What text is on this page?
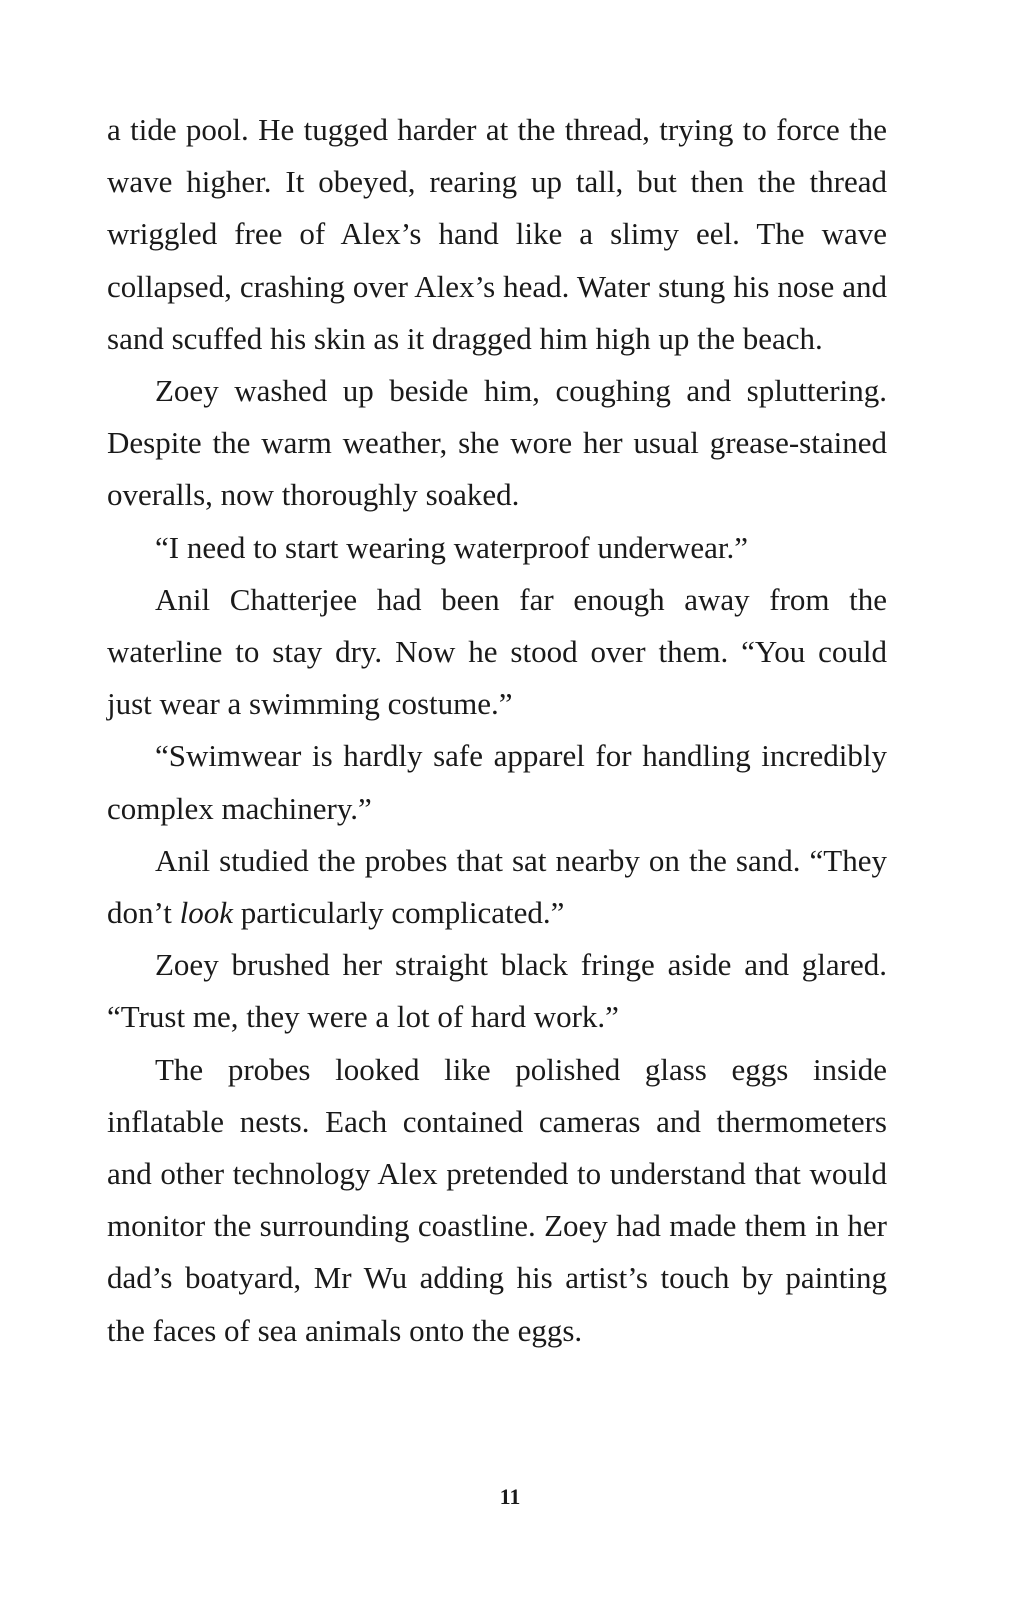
a tide pool. He tugged harder at the thread, trying to force the wave higher. It obeyed, rearing up tall, but then the thread wriggled free of Alex’s hand like a slimy eel. The wave collapsed, crashing over Alex’s head. Water stung his nose and sand scuffed his skin as it dragged him high up the beach.

Zoey washed up beside him, coughing and spluttering. Despite the warm weather, she wore her usual grease-stained overalls, now thoroughly soaked.

“I need to start wearing waterproof underwear.”

Anil Chatterjee had been far enough away from the waterline to stay dry. Now he stood over them. “You could just wear a swimming costume.”

“Swimwear is hardly safe apparel for handling incredibly complex machinery.”

Anil studied the probes that sat nearby on the sand. “They don’t look particularly complicated.”

Zoey brushed her straight black fringe aside and glared. “Trust me, they were a lot of hard work.”

The probes looked like polished glass eggs inside inflatable nests. Each contained cameras and thermometers and other technology Alex pretended to understand that would monitor the surrounding coastline. Zoey had made them in her dad’s boatyard, Mr Wu adding his artist’s touch by painting the faces of sea animals onto the eggs.

11
